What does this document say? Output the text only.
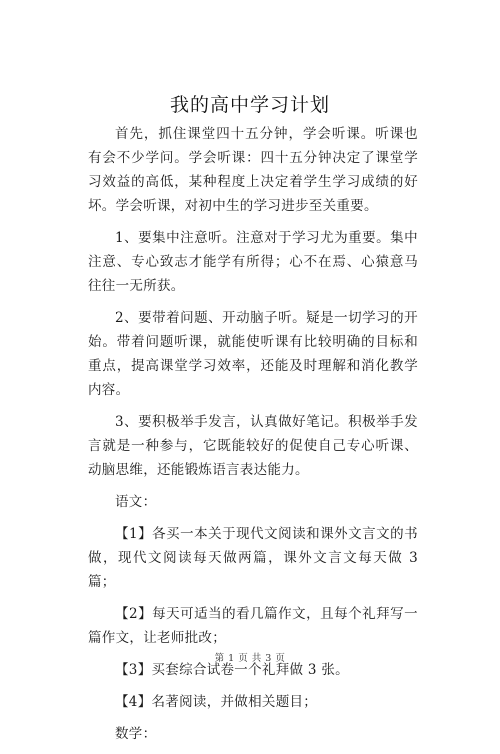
我的高中学习计划

首先，抓住课堂四十五分钟，学会听课。听课也有会不少学问。学会听课：四十五分钟决定了课堂学习效益的高低，某种程度上决定着学生学习成绩的好坏。学会听课，对初中生的学习进步至关重要。

1、要集中注意听。注意对于学习尤为重要。集中注意、专心致志才能学有所得；心不在焉、心猿意马往往一无所获。

2、要带着问题、开动脑子听。疑是一切学习的开始。带着问题听课，就能使听课有比较明确的目标和重点，提高课堂学习效率，还能及时理解和消化教学内容。

3、要积极举手发言，认真做好笔记。积极举手发言就是一种参与，它既能较好的促使自己专心听课、动脑思维，还能锻炼语言表达能力。

语文：

【1】各买一本关于现代文阅读和课外文言文的书做，现代文阅读每天做两篇，课外文言文每天做 3 篇；

【2】每天可适当的看几篇作文，且每个礼拜写一篇作文，让老师批改；

【3】买套综合试卷一个礼拜做 3 张。

【4】名著阅读，并做相关题目；

数学：

第 1 页 共 3 页
